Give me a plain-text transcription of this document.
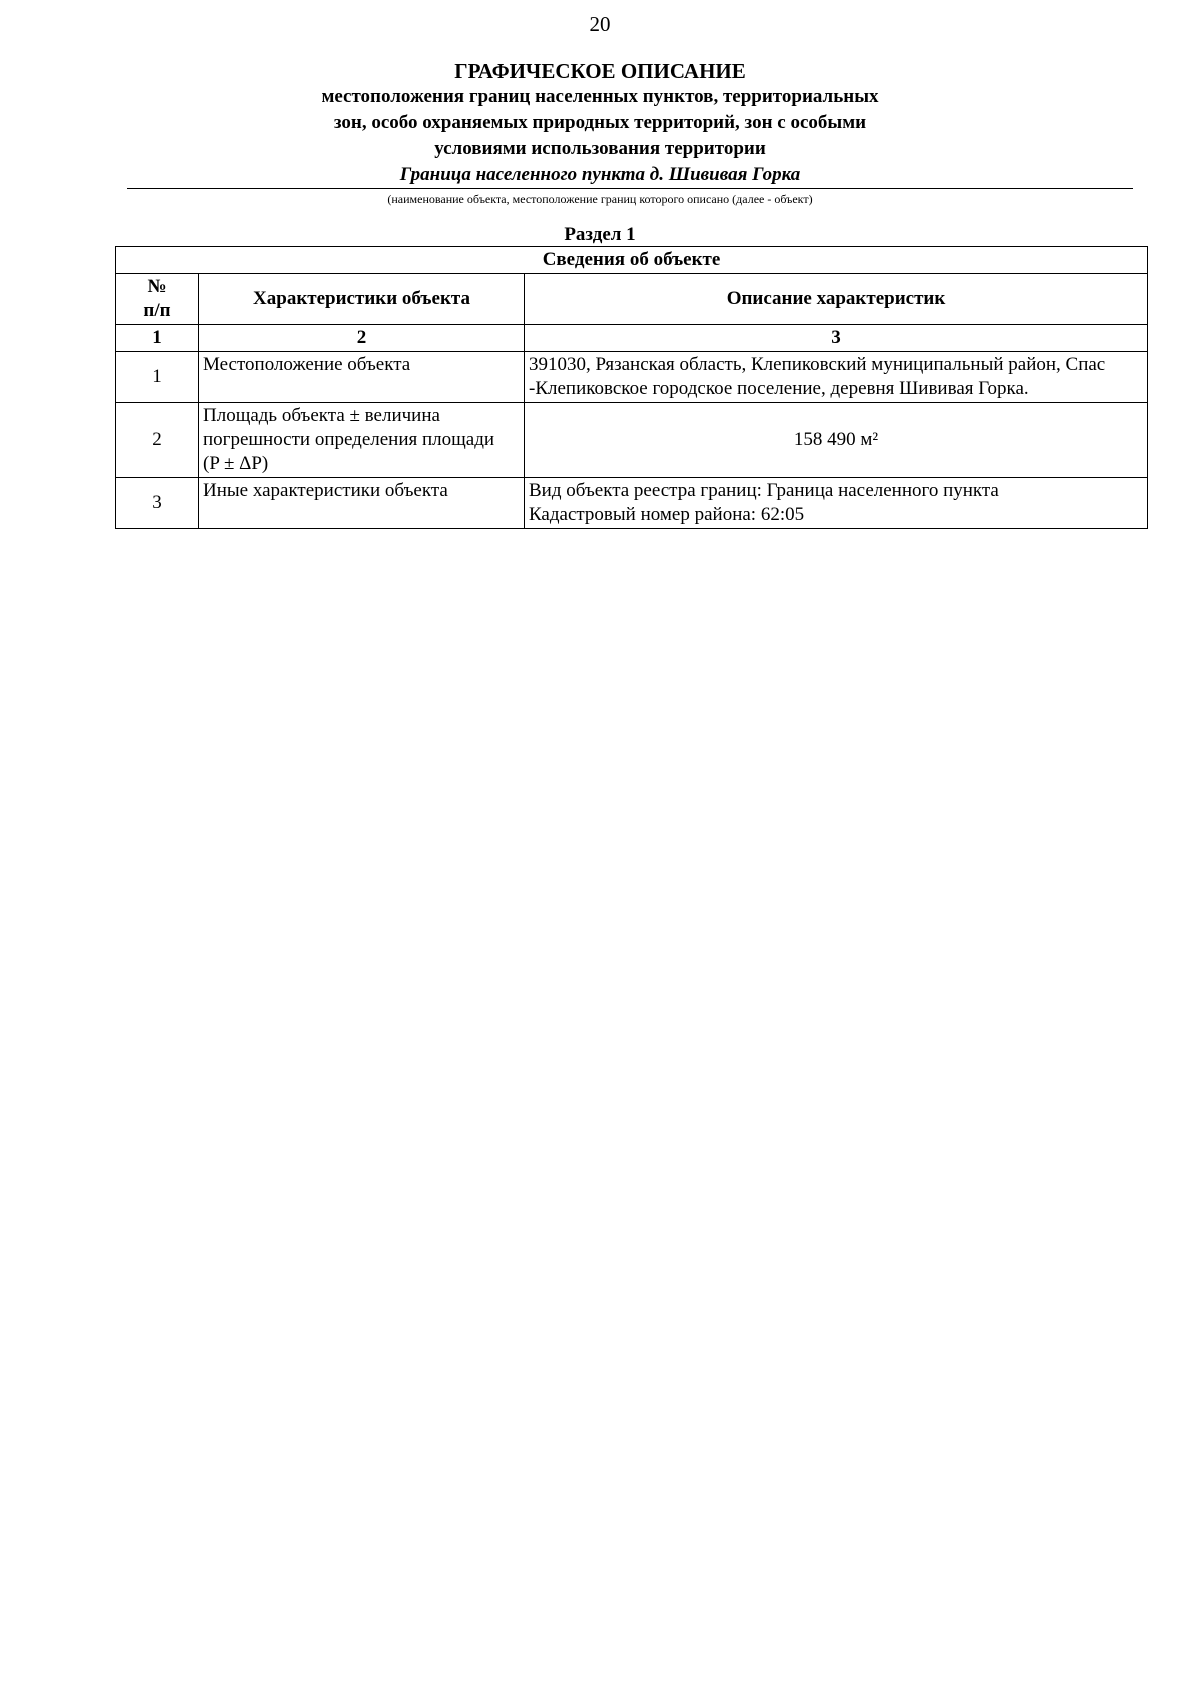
20
ГРАФИЧЕСКОЕ ОПИСАНИЕ
местоположения границ населенных пунктов, территориальных
зон, особо охраняемых природных территорий, зон с особыми
условиями использования территории
Граница населенного пункта д. Шививая Горка
(наименование объекта, местоположение границ которого описано (далее - объект)
Раздел 1
Сведения об объекте		

№
п/п	Характеристики объекта	Описание характеристик
1	2	3
1	Местоположение объекта	391030, Рязанская область, Клепиковский муниципальный район, Спас
-Клепиковское городское поселение, деревня Шививая Горка.

2	Площадь объекта ± величина
погрешности определения площади
(P ± ΔP)	158 490 м²
3	Иные характеристики объекта	Вид объекта реестра границ: Граница населенного пункта
Кадастровый номер района: 62:05
